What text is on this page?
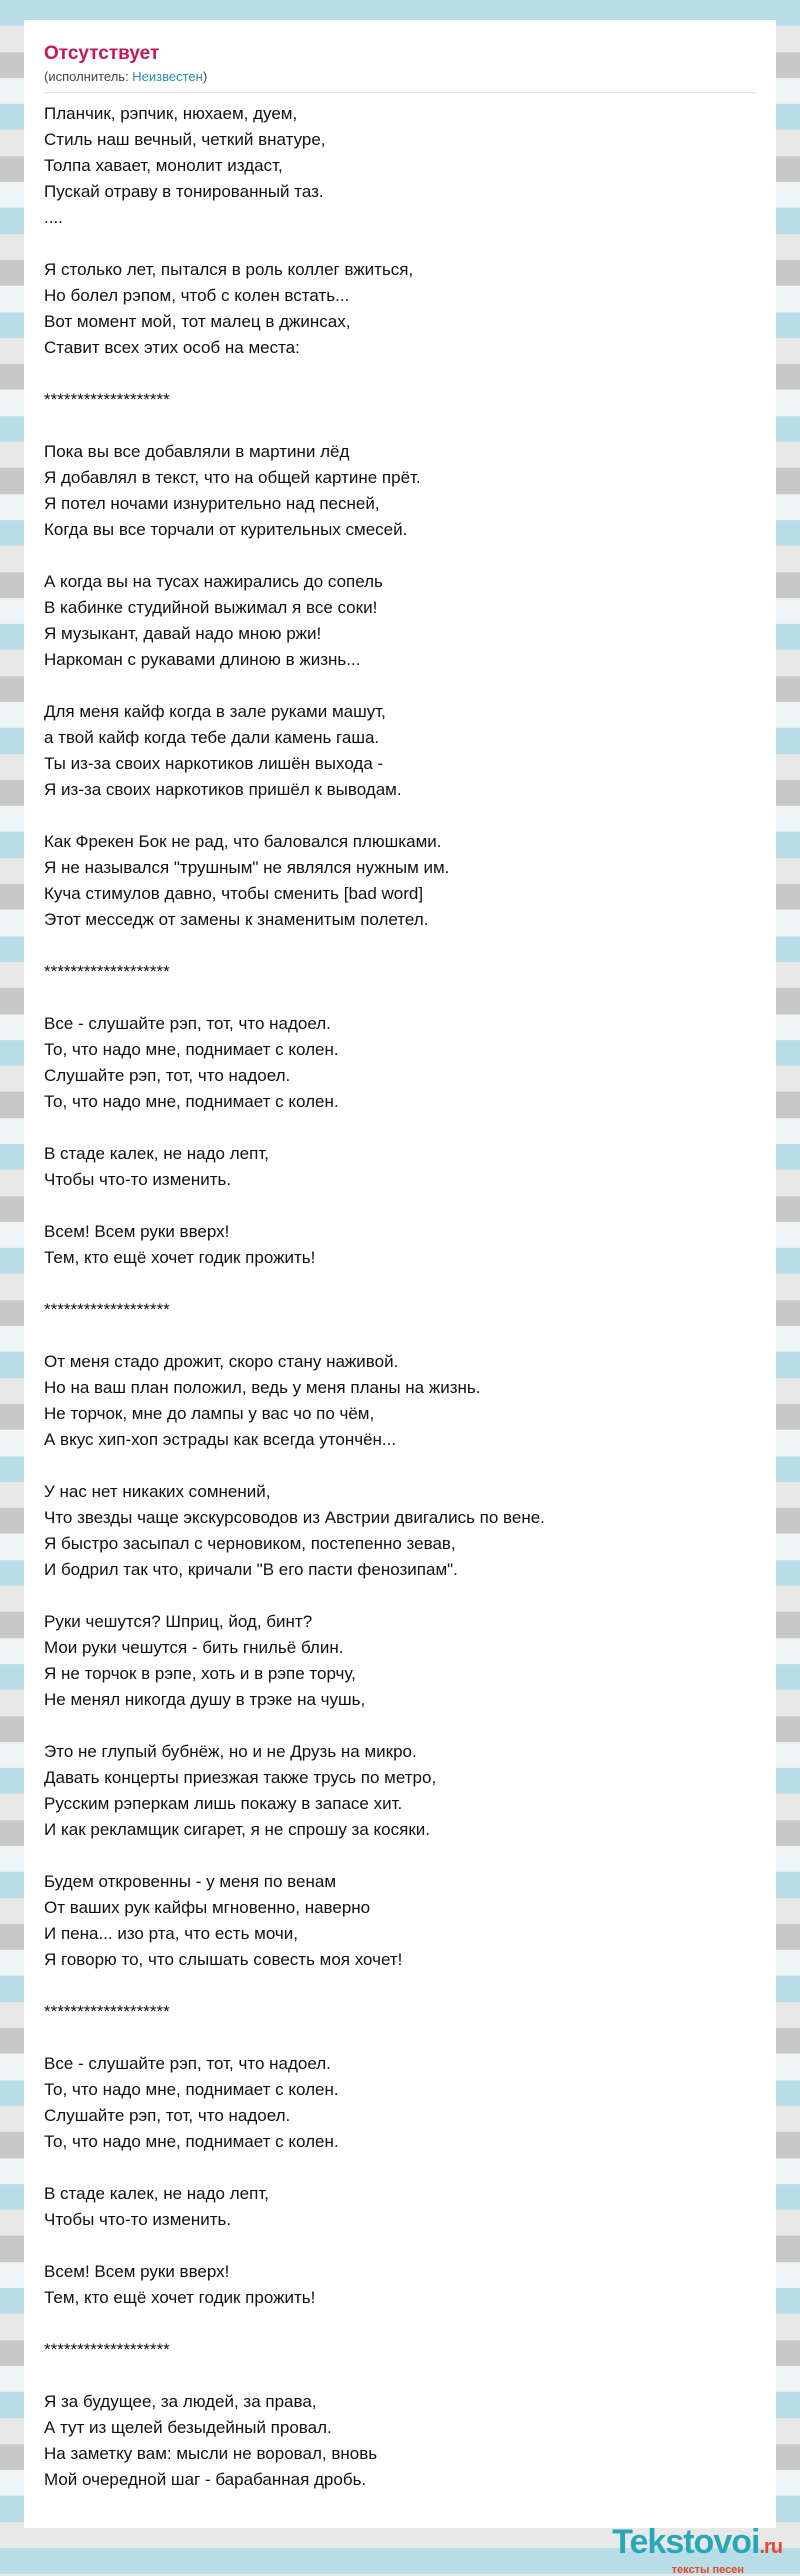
Отсутствует
(исполнитель: Неизвестен)
Планчик, рэпчик, нюхаем, дуем,
Стиль наш вечный, четкий внатуре,
Толпа хавает, монолит издаст,
Пускай отраву в тонированный таз.
....
Я столько лет, пытался в роль коллег вжиться,
Но болел рэпом, чтоб с колен встать...
Вот момент мой, тот малец в джинсах,
Ставит всех этих особ на места:
*******************
Пока вы все добавляли в мартини лёд
Я добавлял в текст, что на общей картине прёт.
Я потел ночами изнурительно над песней,
Когда вы все торчали от курительных смесей.
А когда вы на тусах нажирались до сопель
В кабинке студийной выжимал я все соки!
Я музыкант, давай надо мною ржи!
Наркоман с рукавами длиною в жизнь...
Для меня кайф когда в зале руками машут,
а твой кайф когда тебе дали камень гаша.
Ты из-за своих наркотиков лишён выхода -
Я из-за своих наркотиков пришёл к выводам.
Как Фрекен Бок не рад, что баловался плюшками.
Я не назывался "трушным" не являлся нужным им.
Куча стимулов давно, чтобы сменить [bad word]
Этот месседж от замены к знаменитым полетел.
*******************
Все - слушайте рэп, тот, что надоел.
То, что надо мне, поднимает с колен.
Слушайте рэп, тот, что надоел.
То, что надо мне, поднимает с колен.
В стаде калек, не надо лепт,
Чтобы что-то изменить.
Всем! Всем руки вверх!
Тем, кто ещё хочет годик прожить!
*******************
От меня стадо дрожит, скоро стану наживой.
Но на ваш план положил, ведь у меня планы на жизнь.
Не торчок, мне до лампы у вас чо по чём,
А вкус хип-хоп эстрады как всегда утончён...
У нас нет никаких сомнений,
Что звезды чаще экскурсоводов из Австрии двигались по вене.
Я быстро засыпал с черновиком, постепенно зевав,
И бодрил так что, кричали "В его пасти фенозипам".
Руки чешутся? Шприц, йод, бинт?
Мои руки чешутся - бить гнильё блин.
Я не торчок в рэпе, хоть и в рэпе торчу,
Не менял никогда душу в трэке на чушь,
Это не глупый бубнёж, но и не Друзь на микро.
Давать концерты приезжая также трусь по метро,
Русским рэперкам лишь покажу в запасе хит.
И как рекламщик сигарет, я не спрошу за косяки.
Будем откровенны - у меня по венам
От ваших рук кайфы мгновенно, наверно
И пена... изо рта, что есть мочи,
Я говорю то, что слышать совесть моя хочет!
*******************
Все - слушайте рэп, тот, что надоел.
То, что надо мне, поднимает с колен.
Слушайте рэп, тот, что надоел.
То, что надо мне, поднимает с колен.
В стаде калек, не надо лепт,
Чтобы что-то изменить.
Всем! Всем руки вверх!
Тем, кто ещё хочет годик прожить!
*******************
Я за будущее, за людей, за права,
А тут из щелей безыдейный провал.
На заметку вам: мысли не воровал, вновь
Мой очередной шаг - барабанная дробь.
Tekstovoi.ru
тексты песен
